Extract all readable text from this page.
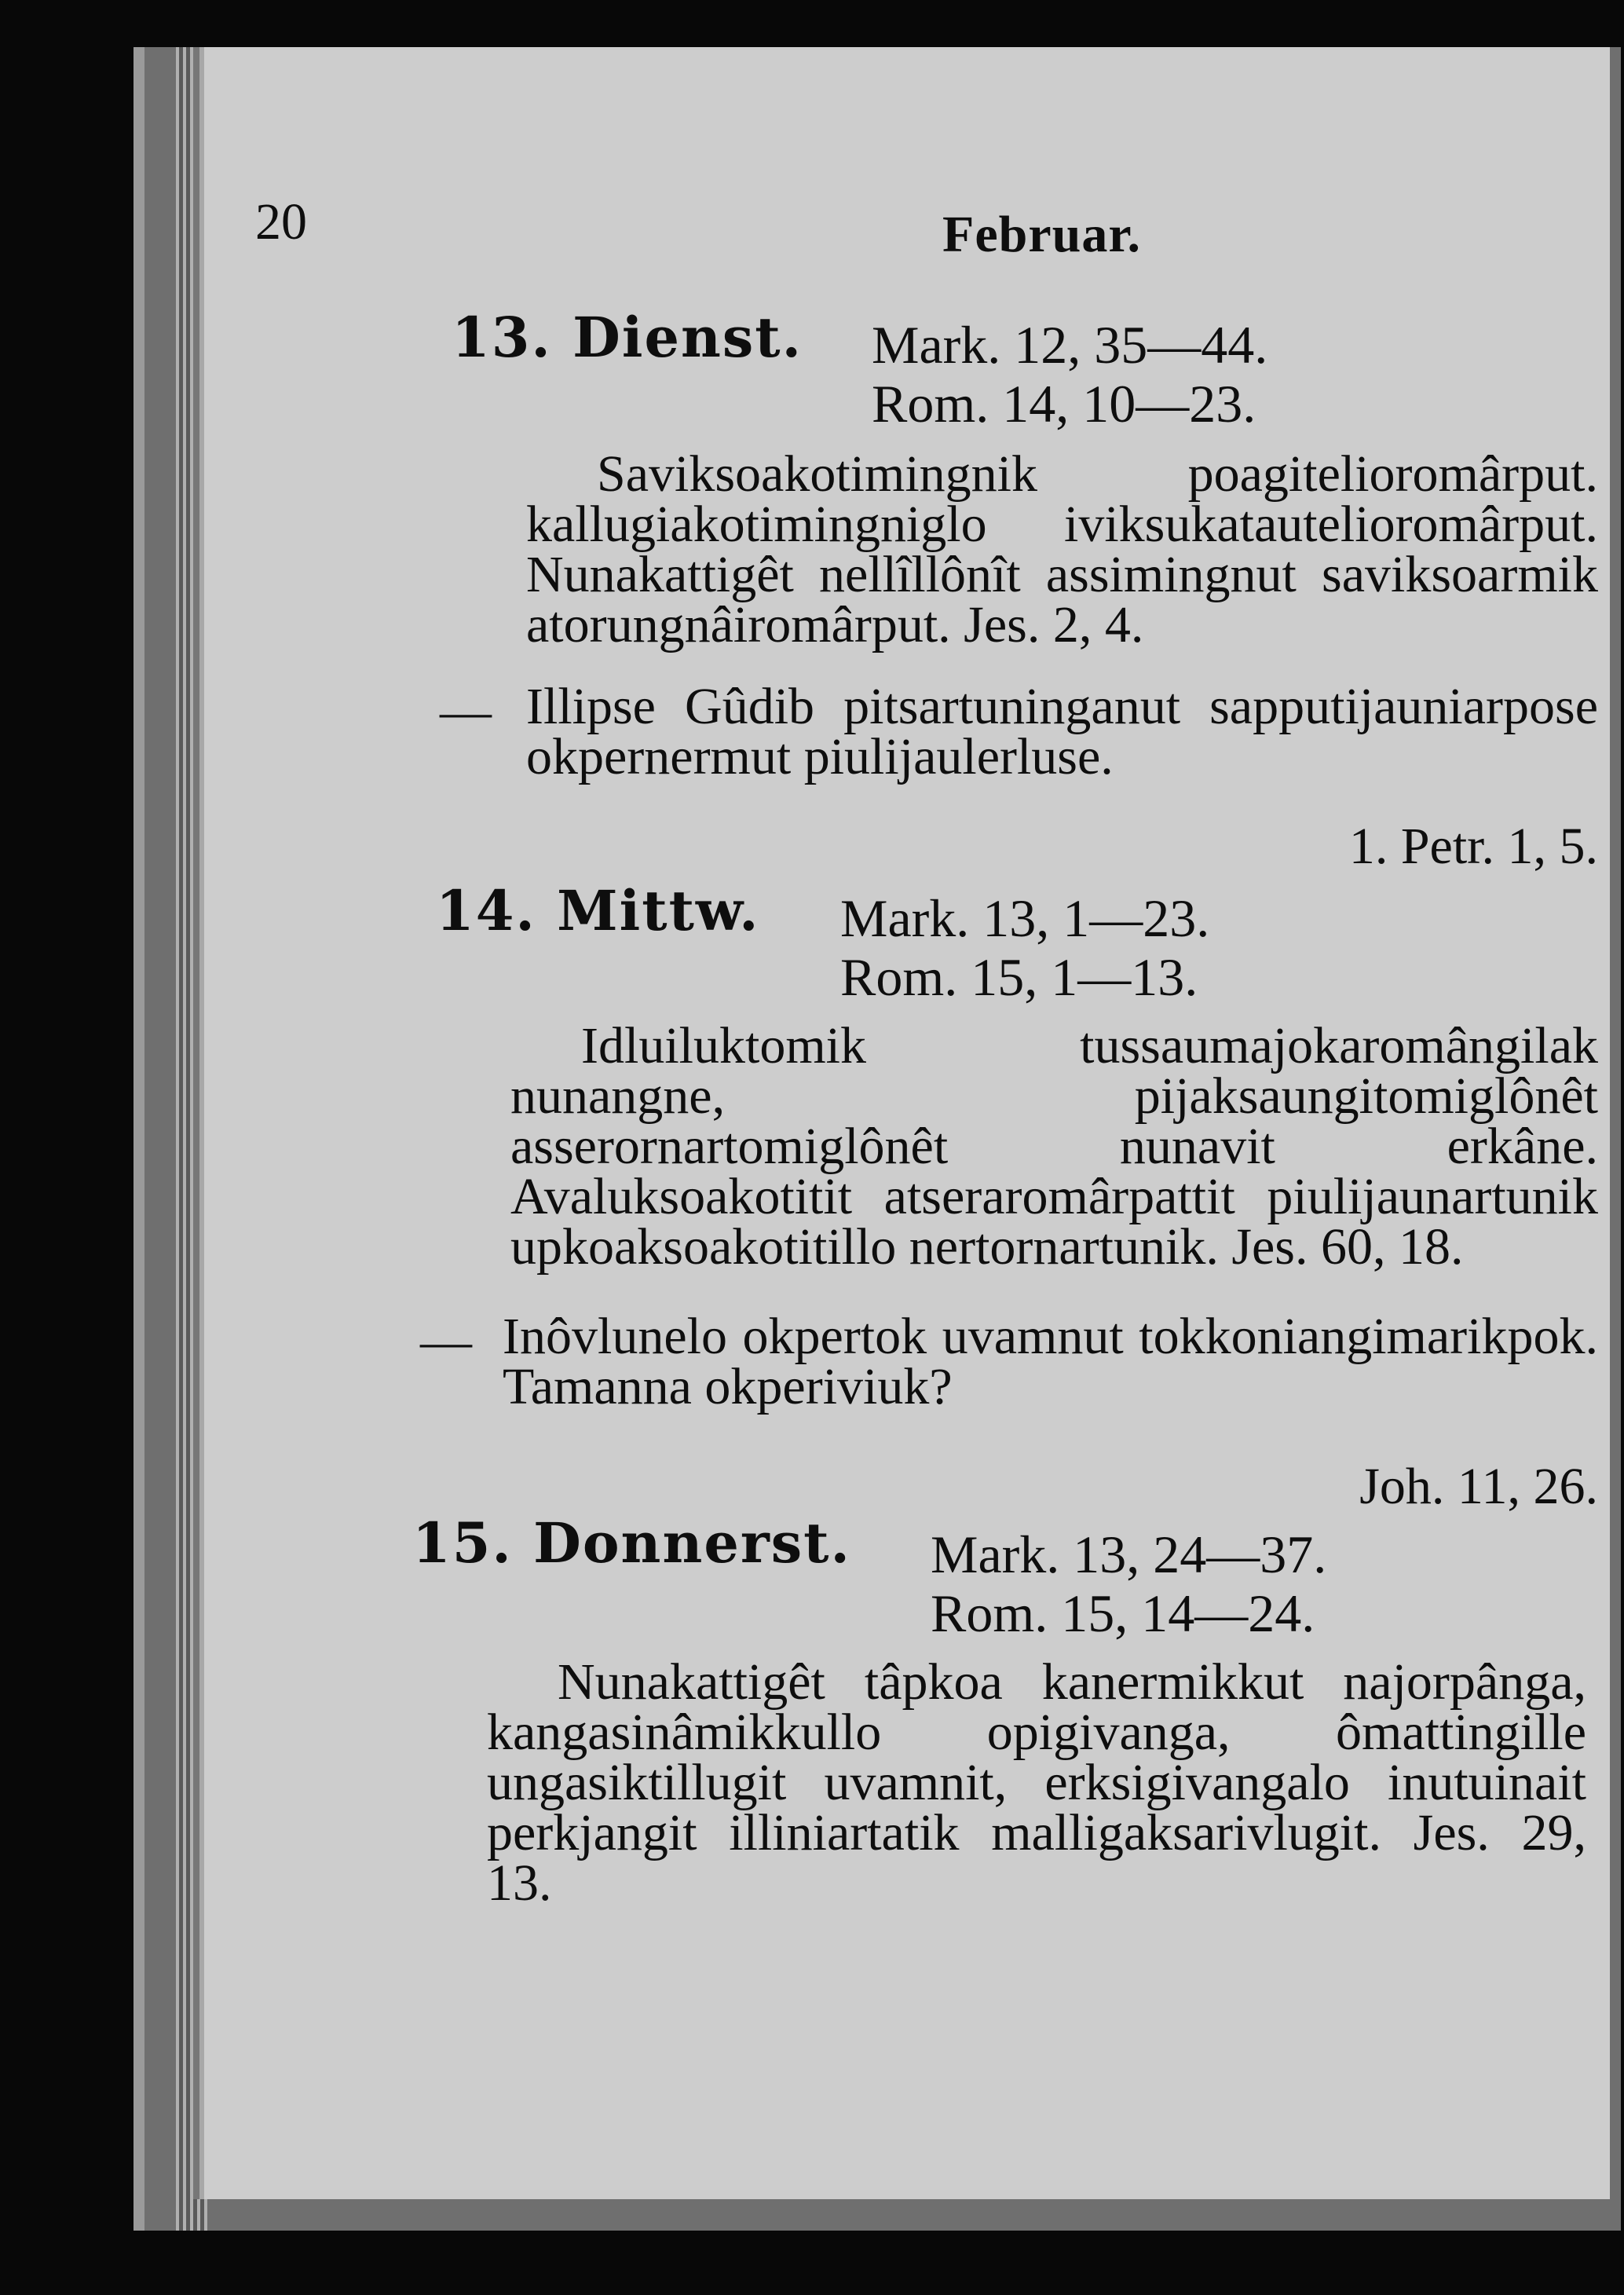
20	Februar.
13. Dienst. Mark. 12, 35—44.
Rom. 14, 10—23.
Saviksoakotimingnik poagitelioromârput. kallugiakotimingniglo iviksukatautelioromârput. Nunakattigêt nellîllônît assimingnut saviksoarmik atorungnâiromârput. Jes. 2, 4.
— Illipse Gûdib pitsartuninganut sapputijauniarpose okpernermut piulijaulerluse.
1. Petr. 1, 5.
14. Mittw. Mark. 13, 1—23.
Rom. 15, 1—13.
Idluiluktomik tussaumajokaromângilak nunangne, pijaksaungitomiglônêt asserornartomiglônêt nunavit erkâne. Avaluksoakotitit atseraromârpattit piulijaunartunik upkoaksoakotitillo nertornartunik. Jes. 60, 18.
— Inôvlunelo okpertok uvamnut tokkoniangimarikpok. Tamanna okperiviuk?
Joh. 11, 26.
15. Donnerst. Mark. 13, 24—37.
Rom. 15, 14—24.
Nunakattigêt tâpkoa kanermikkut najorpânga, kangasinâmikkullo opigivanga, ômattingille ungasiktillugit uvamnit, erksigivangalo inutuinait perkjangit illiniartatik malligaksarivlugit. Jes. 29, 13.
